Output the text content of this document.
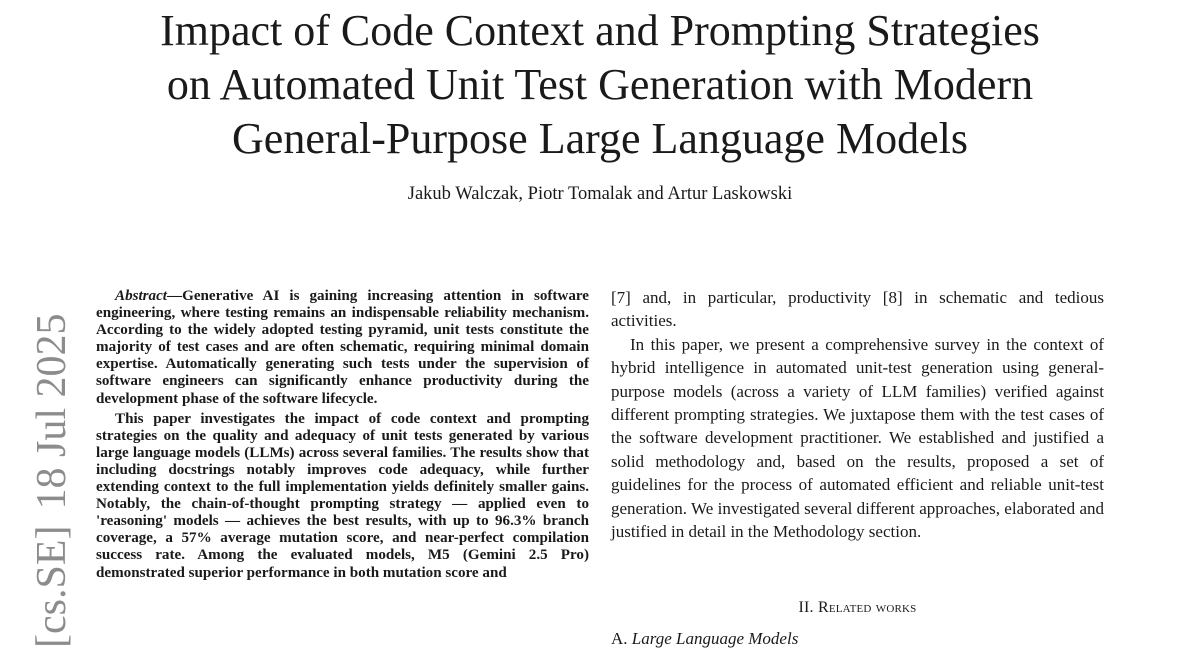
Impact of Code Context and Prompting Strategies
on Automated Unit Test Generation with Modern
General-Purpose Large Language Models
Jakub Walczak, Piotr Tomalak and Artur Laskowski
[cs.SE]18 Jul 2025

Abstract—Generative AI is gaining increasing attention in software engineering, where testing remains an indispensable reliability mechanism. According to the widely adopted testing pyramid, unit tests constitute the majority of test cases and are often schematic, requiring minimal domain expertise. Automatically generating such tests under the supervision of software engineers can significantly enhance productivity during the development phase of the software lifecycle.

This paper investigates the impact of code context and prompting strategies on the quality and adequacy of unit tests generated by various large language models (LLMs) across several families. The results show that including docstrings notably improves code adequacy, while further extending context to the full implementation yields definitely smaller gains. Notably, the chain-of-thought prompting strategy — applied even to 'reasoning' models — achieves the best results, with up to 96.3% branch coverage, a 57% average mutation score, and near-perfect compilation success rate. Among the evaluated models, M5 (Gemini 2.5 Pro) demonstrated superior performance in both mutation score and

[7] and, in particular, productivity [8] in schematic and tedious activities.

In this paper, we present a comprehensive survey in the context of hybrid intelligence in automated unit-test generation using general-purpose models (across a variety of LLM families) verified against different prompting strategies. We juxtapose them with the test cases of the software development practitioner. We established and justified a solid methodology and, based on the results, proposed a set of guidelines for the process of automated efficient and reliable unit-test generation. We investigated several different approaches, elaborated and justified in detail in the Methodology section.

II. Related works
A. Large Language Models
